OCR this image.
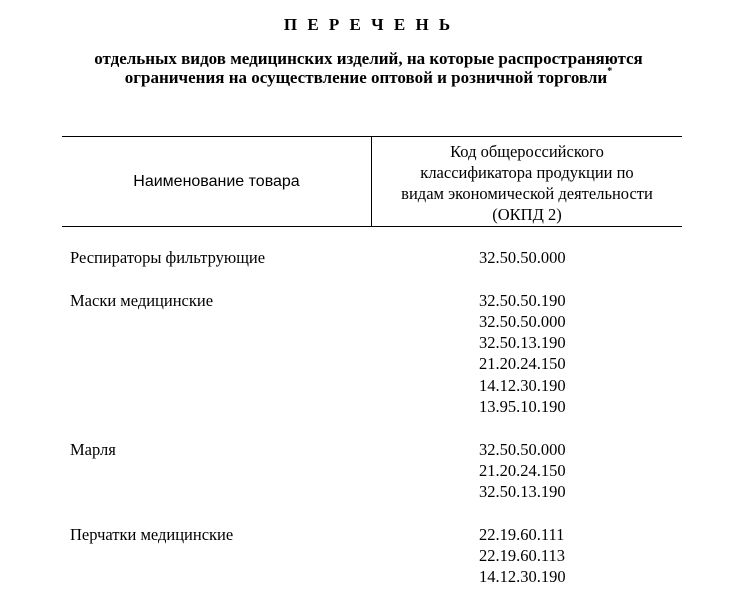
П Е Р Е Ч Е Н Ь
отдельных видов медицинских изделий, на которые распространяются
ограничения на осуществление оптовой и розничной торговли*
Наименование товара
Код общероссийского
классификатора продукции по
видам экономической деятельности
(ОКПД 2)
Респираторы фильтрующие	32.50.50.000
Маски медицинские	32.50.50.190
32.50.50.000
32.50.13.190
21.20.24.150
14.12.30.190
13.95.10.190
Марля	32.50.50.000
21.20.24.150
32.50.13.190
Перчатки медицинские	22.19.60.111
22.19.60.113
14.12.30.190
